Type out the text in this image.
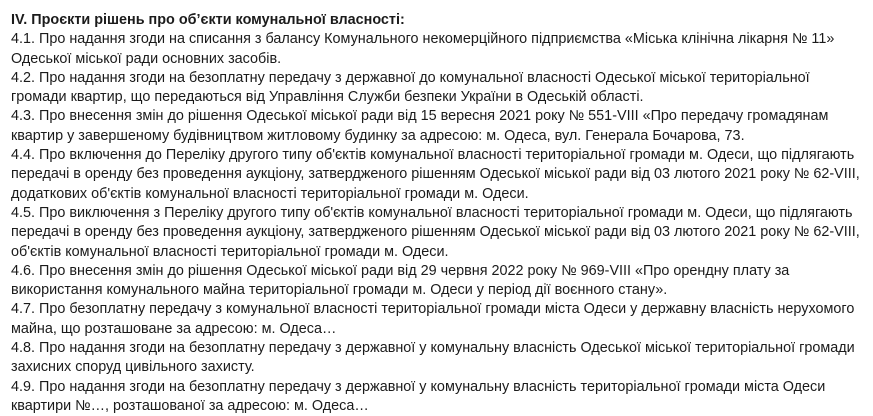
IV. Проєкти рішень про об’єкти комунальної власності:

4.1. Про надання згоди на списання з балансу Комунального некомерційного підприємства «Міська клінічна лікарня № 11» Одеської міської ради основних засобів.

4.2. Про надання згоди на безоплатну передачу з державної до комунальної власності Одеської міської територіальної громади квартир, що передаються від Управління Служби безпеки України в Одеській області.

4.3. Про внесення змін до рішення Одеської міської ради від 15 вересня 2021 року № 551-VIII «Про передачу громадянам квартир у завершеному будівництвом житловому будинку за адресою: м. Одеса, вул. Генерала Бочарова, 73.

4.4. Про включення до Переліку другого типу об'єктів комунальної власності територіальної громади м. Одеси, що підлягають передачі в оренду без проведення аукціону, затвердженого рішенням Одеської міської ради від 03 лютого 2021 року № 62-VIII, додаткових об'єктів комунальної власності територіальної громади м. Одеси.

4.5. Про виключення з Переліку другого типу об'єктів комунальної власності територіальної громади м. Одеси, що підлягають передачі в оренду без проведення аукціону, затвердженого рішенням Одеської міської ради від 03 лютого 2021 року № 62-VIII, об'єктів комунальної власності територіальної громади м. Одеси.

4.6. Про внесення змін до рішення Одеської міської ради від 29 червня 2022 року № 969-VIII «Про орендну плату за використання комунального майна територіальної громади м. Одеси у період дії воєнного стану».

4.7. Про безоплатну передачу з комунальної власності територіальної громади міста Одеси у державну власність нерухомого майна, що розташоване за адресою: м. Одеса…

4.8. Про надання згоди на безоплатну передачу з державної у комунальну власність Одеської міської територіальної громади захисних споруд цивільного захисту.

4.9. Про надання згоди на безоплатну передачу з державної у комунальну власність територіальної громади міста Одеси квартири №…, розташованої за адресою: м. Одеса…
